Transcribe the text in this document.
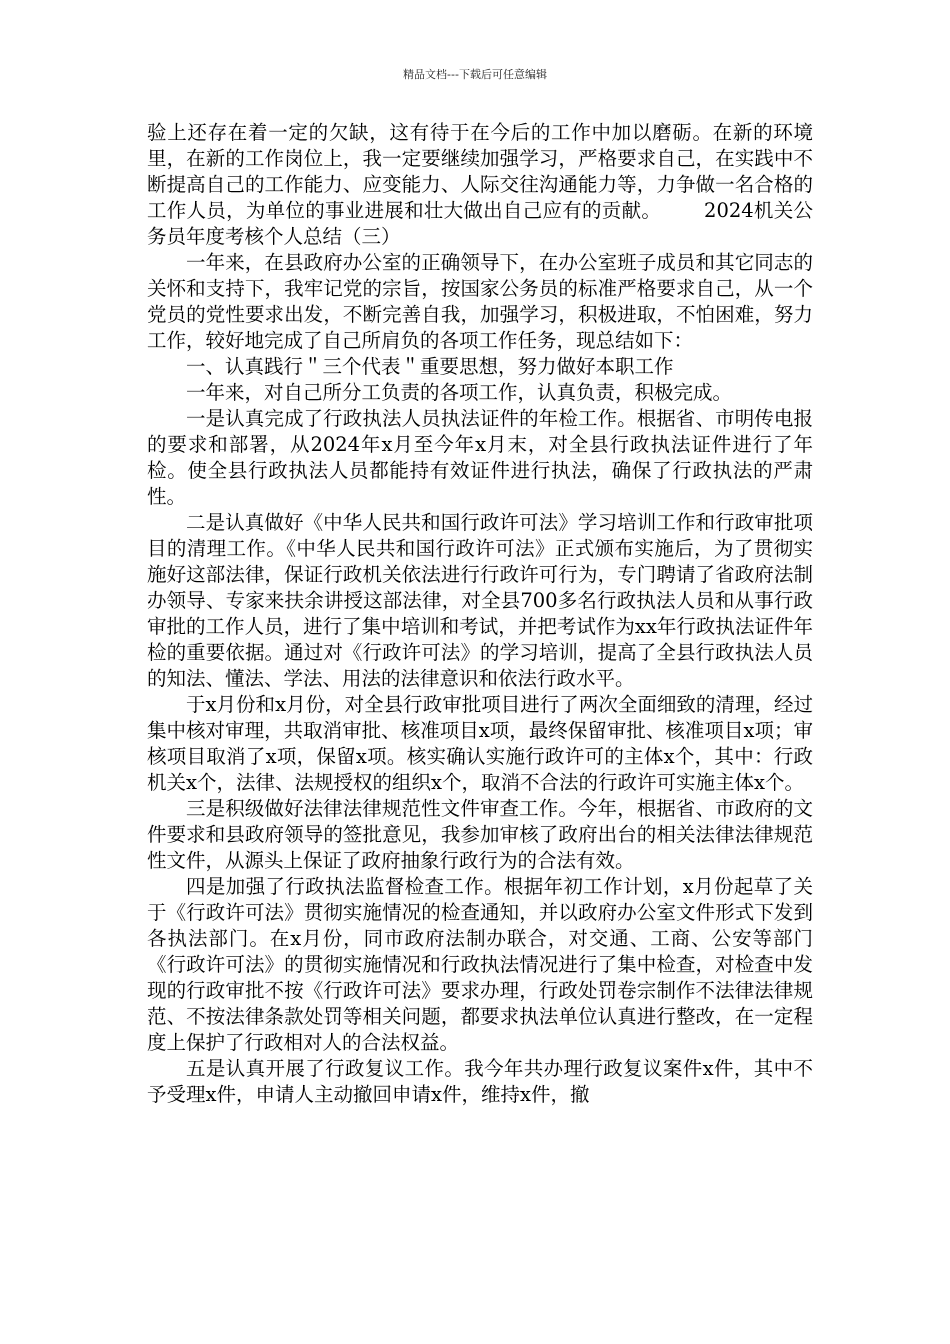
精品文档---下载后可任意编辑

验上还存在着一定的欠缺，这有待于在今后的工作中加以磨砺。在新的环境里，在新的工作岗位上，我一定要继续加强学习，严格要求自己，在实践中不断提高自己的工作能力、应变能力、人际交往沟通能力等，力争做一名合格的工作人员，为单位的事业进展和壮大做出自己应有的贡献。 2024机关公务员年度考核个人总结（三）

一年来，在县政府办公室的正确领导下，在办公室班子成员和其它同志的关怀和支持下，我牢记党的宗旨，按国家公务员的标准严格要求自己，从一个党员的党性要求出发，不断完善自我，加强学习，积极进取，不怕困难，努力工作，较好地完成了自己所肩负的各项工作任务，现总结如下：

一、认真践行＂三个代表＂重要思想，努力做好本职工作

一年来，对自己所分工负责的各项工作，认真负责，积极完成。

一是认真完成了行政执法人员执法证件的年检工作。根据省、市明传电报的要求和部署，从2024年x月至今年x月末，对全县行政执法证件进行了年检。使全县行政执法人员都能持有效证件进行执法，确保了行政执法的严肃性。

二是认真做好《中华人民共和国行政许可法》学习培训工作和行政审批项目的清理工作。《中华人民共和国行政许可法》正式颁布实施后，为了贯彻实施好这部法律，保证行政机关依法进行行政许可行为，专门聘请了省政府法制办领导、专家来扶余讲授这部法律，对全县700多名行政执法人员和从事行政审批的工作人员，进行了集中培训和考试，并把考试作为xx年行政执法证件年检的重要依据。通过对《行政许可法》的学习培训，提高了全县行政执法人员的知法、懂法、学法、用法的法律意识和依法行政水平。

于x月份和x月份，对全县行政审批项目进行了两次全面细致的清理，经过集中核对审理，共取消审批、核准项目x项，最终保留审批、核准项目x项；审核项目取消了x项，保留x项。核实确认实施行政许可的主体x个，其中：行政机关x个，法律、法规授权的组织x个，取消不合法的行政许可实施主体x个。

三是积级做好法律法律规范性文件审查工作。今年，根据省、市政府的文件要求和县政府领导的签批意见，我参加审核了政府出台的相关法律法律规范性文件，从源头上保证了政府抽象行政行为的合法有效。

四是加强了行政执法监督检查工作。根据年初工作计划，x月份起草了关于《行政许可法》贯彻实施情况的检查通知，并以政府办公室文件形式下发到各执法部门。在x月份，同市政府法制办联合，对交通、工商、公安等部门《行政许可法》的贯彻实施情况和行政执法情况进行了集中检查，对检查中发现的行政审批不按《行政许可法》要求办理，行政处罚卷宗制作不法律法律规范、不按法律条款处罚等相关问题，都要求执法单位认真进行整改，在一定程度上保护了行政相对人的合法权益。

五是认真开展了行政复议工作。我今年共办理行政复议案件x件，其中不予受理x件，申请人主动撤回申请x件，维持x件，撤
